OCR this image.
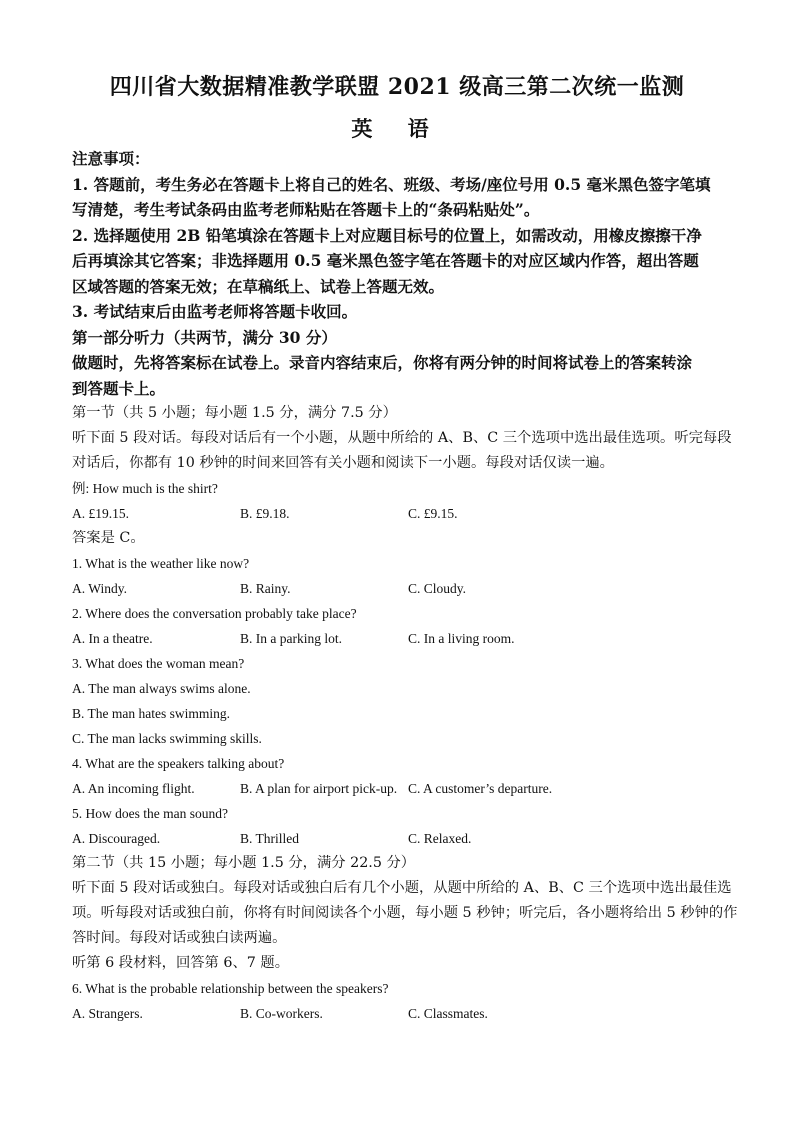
四川省大数据精准教学联盟 2021 级高三第二次统一监测
英 语
注意事项：
1. 答题前，考生务必在答题卡上将自己的姓名、班级、考场/座位号用 0.5 毫米黑色签字笔填
写清楚，考生考试条码由监考老师粘贴在答题卡上的“条码粘贴处”。
2. 选择题使用 2B 铅笔填涂在答题卡上对应题目标号的位置上，如需改动，用橡皮擦擦干净
后再填涂其它答案；非选择题用 0.5 毫米黑色签字笔在答题卡的对应区域内作答，超出答题
区域答题的答案无效；在草稿纸上、试卷上答题无效。
3. 考试结束后由监考老师将答题卡收回。
第一部分听力（共两节，满分 30 分）
做题时，先将答案标在试卷上。录音内容结束后，你将有两分钟的时间将试卷上的答案转涂
到答题卡上。
第一节（共 5 小题；每小题 1.5 分，满分 7.5 分）
听下面 5 段对话。每段对话后有一个小题，从题中所给的 A、B、C 三个选项中选出最佳选项。听完每段
对话后，你都有 10 秒钟的时间来回答有关小题和阅读下一小题。每段对话仅读一遍。
例: How much is the shirt?
A. £19.15.	B. £9.18.	C. £9.15.
答案是 C。
1. What is the weather like now?
A. Windy.	B. Rainy.	C. Cloudy.
2. Where does the conversation probably take place?
A. In a theatre.	B. In a parking lot.	C. In a living room.
3. What does the woman mean?
A. The man always swims alone.
B. The man hates swimming.
C. The man lacks swimming skills.
4. What are the speakers talking about?
A. An incoming flight.	B. A plan for airport pick-up. C. A customer’s departure.
5. How does the man sound?
A. Discouraged.	B. Thrilled	C. Relaxed.
第二节（共 15 小题；每小题 1.5 分，满分 22.5 分）
听下面 5 段对话或独白。每段对话或独白后有几个小题，从题中所给的 A、B、C 三个选项中选出最佳选
项。听每段对话或独白前，你将有时间阅读各个小题，每小题 5 秒钟；听完后，各小题将给出 5 秒钟的作
答时间。每段对话或独白读两遍。
听第 6 段材料，回答第 6、7 题。
6. What is the probable relationship between the speakers?
A. Strangers.	B. Co-workers.	C. Classmates.
